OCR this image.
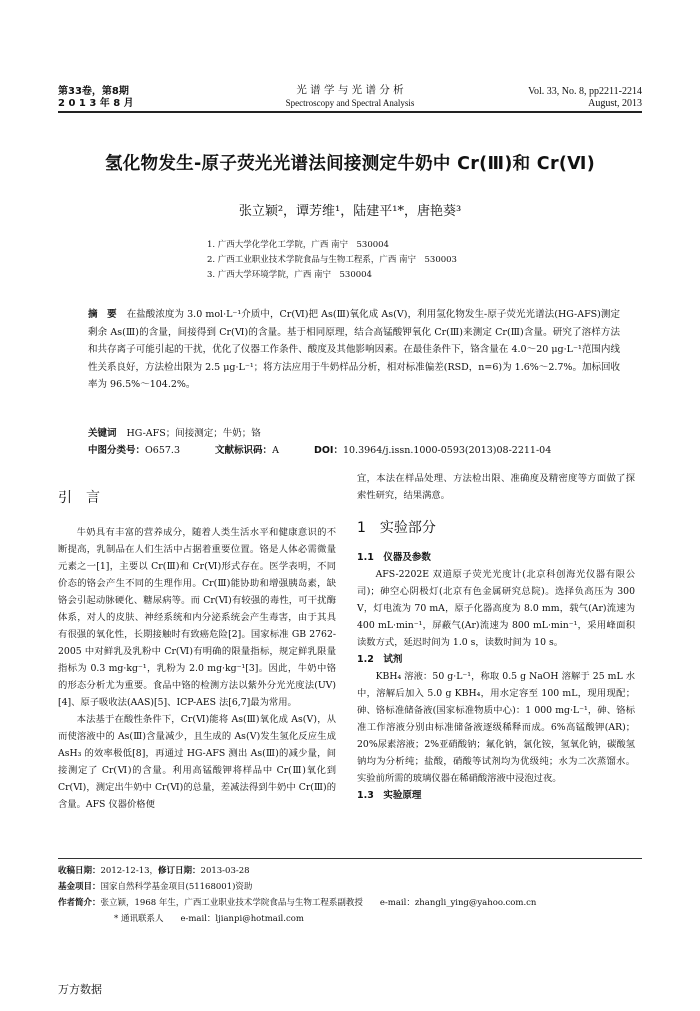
第33卷，第8期
2 0 1 3 年 8 月
光 谱 学 与 光 谱 分 析
Spectroscopy and Spectral Analysis
Vol. 33, No. 8, pp2211-2214
August, 2013
氢化物发生-原子荧光光谱法间接测定牛奶中 Cr(Ⅲ)和 Cr(Ⅵ)
张立颖²，谭芳维¹，陆建平¹*，唐艳葵³
1. 广西大学化学化工学院，广西 南宁　530004
2. 广西工业职业技术学院食品与生物工程系，广西 南宁　530003
3. 广西大学环境学院，广西 南宁　530004
摘　要 在盐酸浓度为 3.0 mol·L⁻¹介质中，Cr(Ⅵ)把 As(Ⅲ)氧化成 As(Ⅴ)，利用氢化物发生-原子荧光光谱法(HG-AFS)测定剩余 As(Ⅲ)的含量，间接得到 Cr(Ⅵ)的含量。基于相同原理，结合高锰酸钾氧化 Cr(Ⅲ)来测定 Cr(Ⅲ)含量。研究了溶样方法和共存离子可能引起的干扰，优化了仪器工作条件、酸度及其他影响因素。在最佳条件下，铬含量在 4.0～20 μg·L⁻¹范围内线性关系良好，方法检出限为 2.5 μg·L⁻¹；将方法应用于牛奶样品分析，相对标准偏差(RSD，n=6)为 1.6%～2.7%。加标回收率为 96.5%～104.2%。
关键词 HG-AFS；间接测定；牛奶；铬
中图分类号：O657.3	文献标识码：A	DOI：10.3964/j.issn.1000-0593(2013)08-2211-04
引　言

牛奶具有丰富的营养成分，随着人类生活水平和健康意识的不断提高，乳制品在人们生活中占据着重要位置。铬是人体必需微量元素之一[1]，主要以 Cr(Ⅲ)和 Cr(Ⅵ)形式存在。医学表明，不同价态的铬会产生不同的生理作用。Cr(Ⅲ)能协助和增强胰岛素，缺铬会引起动脉硬化、糖尿病等。而 Cr(Ⅵ)有较强的毒性，可干扰酶体系，对人的皮肤、神经系统和内分泌系统会产生毒害，由于其具有很强的氧化性，长期接触时有致癌危险[2]。国家标准 GB 2762-2005 中对鲜乳及乳粉中 Cr(Ⅵ)有明确的限量指标，规定鲜乳限量指标为 0.3 mg·kg⁻¹，乳粉为 2.0 mg·kg⁻¹[3]。因此，牛奶中铬的形态分析尤为重要。食品中铬的检测方法以紫外分光光度法(UV)[4]、原子吸收法(AAS)[5]、ICP-AES 法[6,7]最为常用。

本法基于在酸性条件下，Cr(Ⅵ)能将 As(Ⅲ)氧化成 As(Ⅴ)，从而使溶液中的 As(Ⅲ)含量减少，且生成的 As(Ⅴ)发生氢化反应生成 AsH₃ 的效率极低[8]，再通过 HG-AFS 测出 As(Ⅲ)的减少量，间接测定了 Cr(Ⅵ)的含量。利用高锰酸钾将样品中 Cr(Ⅲ)氧化到 Cr(Ⅵ)，测定出牛奶中 Cr(Ⅵ)的总量，差减法得到牛奶中 Cr(Ⅲ)的含量。AFS 仪器价格便

宜，本法在样品处理、方法检出限、准确度及精密度等方面做了探索性研究，结果满意。
1　实验部分
1.1　仪器及参数

AFS-2202E 双道原子荧光光度计(北京科创海光仪器有限公司)；砷空心阴极灯(北京有色金属研究总院)。选择负高压为 300 V，灯电流为 70 mA，原子化器高度为 8.0 mm，载气(Ar)流速为 400 mL·min⁻¹，屏蔽气(Ar)流速为 800 mL·min⁻¹，采用峰面积读数方式，延迟时间为 1.0 s，读数时间为 10 s。

1.2　试剂

KBH₄ 溶液：50 g·L⁻¹，称取 0.5 g NaOH 溶解于 25 mL 水中，溶解后加入 5.0 g KBH₄，用水定容至 100 mL，现用现配；砷、铬标准储备液(国家标准物质中心)：1 000 mg·L⁻¹，砷、铬标准工作溶液分别由标准储备液逐级稀释而成。6%高锰酸钾(AR)；20%尿素溶液；2%亚硝酸钠；氟化钠，氯化铵，氢氧化钠，碳酸氢钠均为分析纯；盐酸，硝酸等试剂均为优级纯；水为二次蒸馏水。实验前所需的玻璃仪器在稀硝酸溶液中浸泡过夜。

1.3　实验原理
收稿日期：2012-12-13，修订日期：2013-03-28
基金项目：国家自然科学基金项目(51168001)资助
作者简介：张立颖，1968 年生，广西工业职业技术学院食品与生物工程系副教授　　e-mail：zhangli_ying@yahoo.com.cn
* 通讯联系人　　e-mail：ljianpi@hotmail.com
万方数据
